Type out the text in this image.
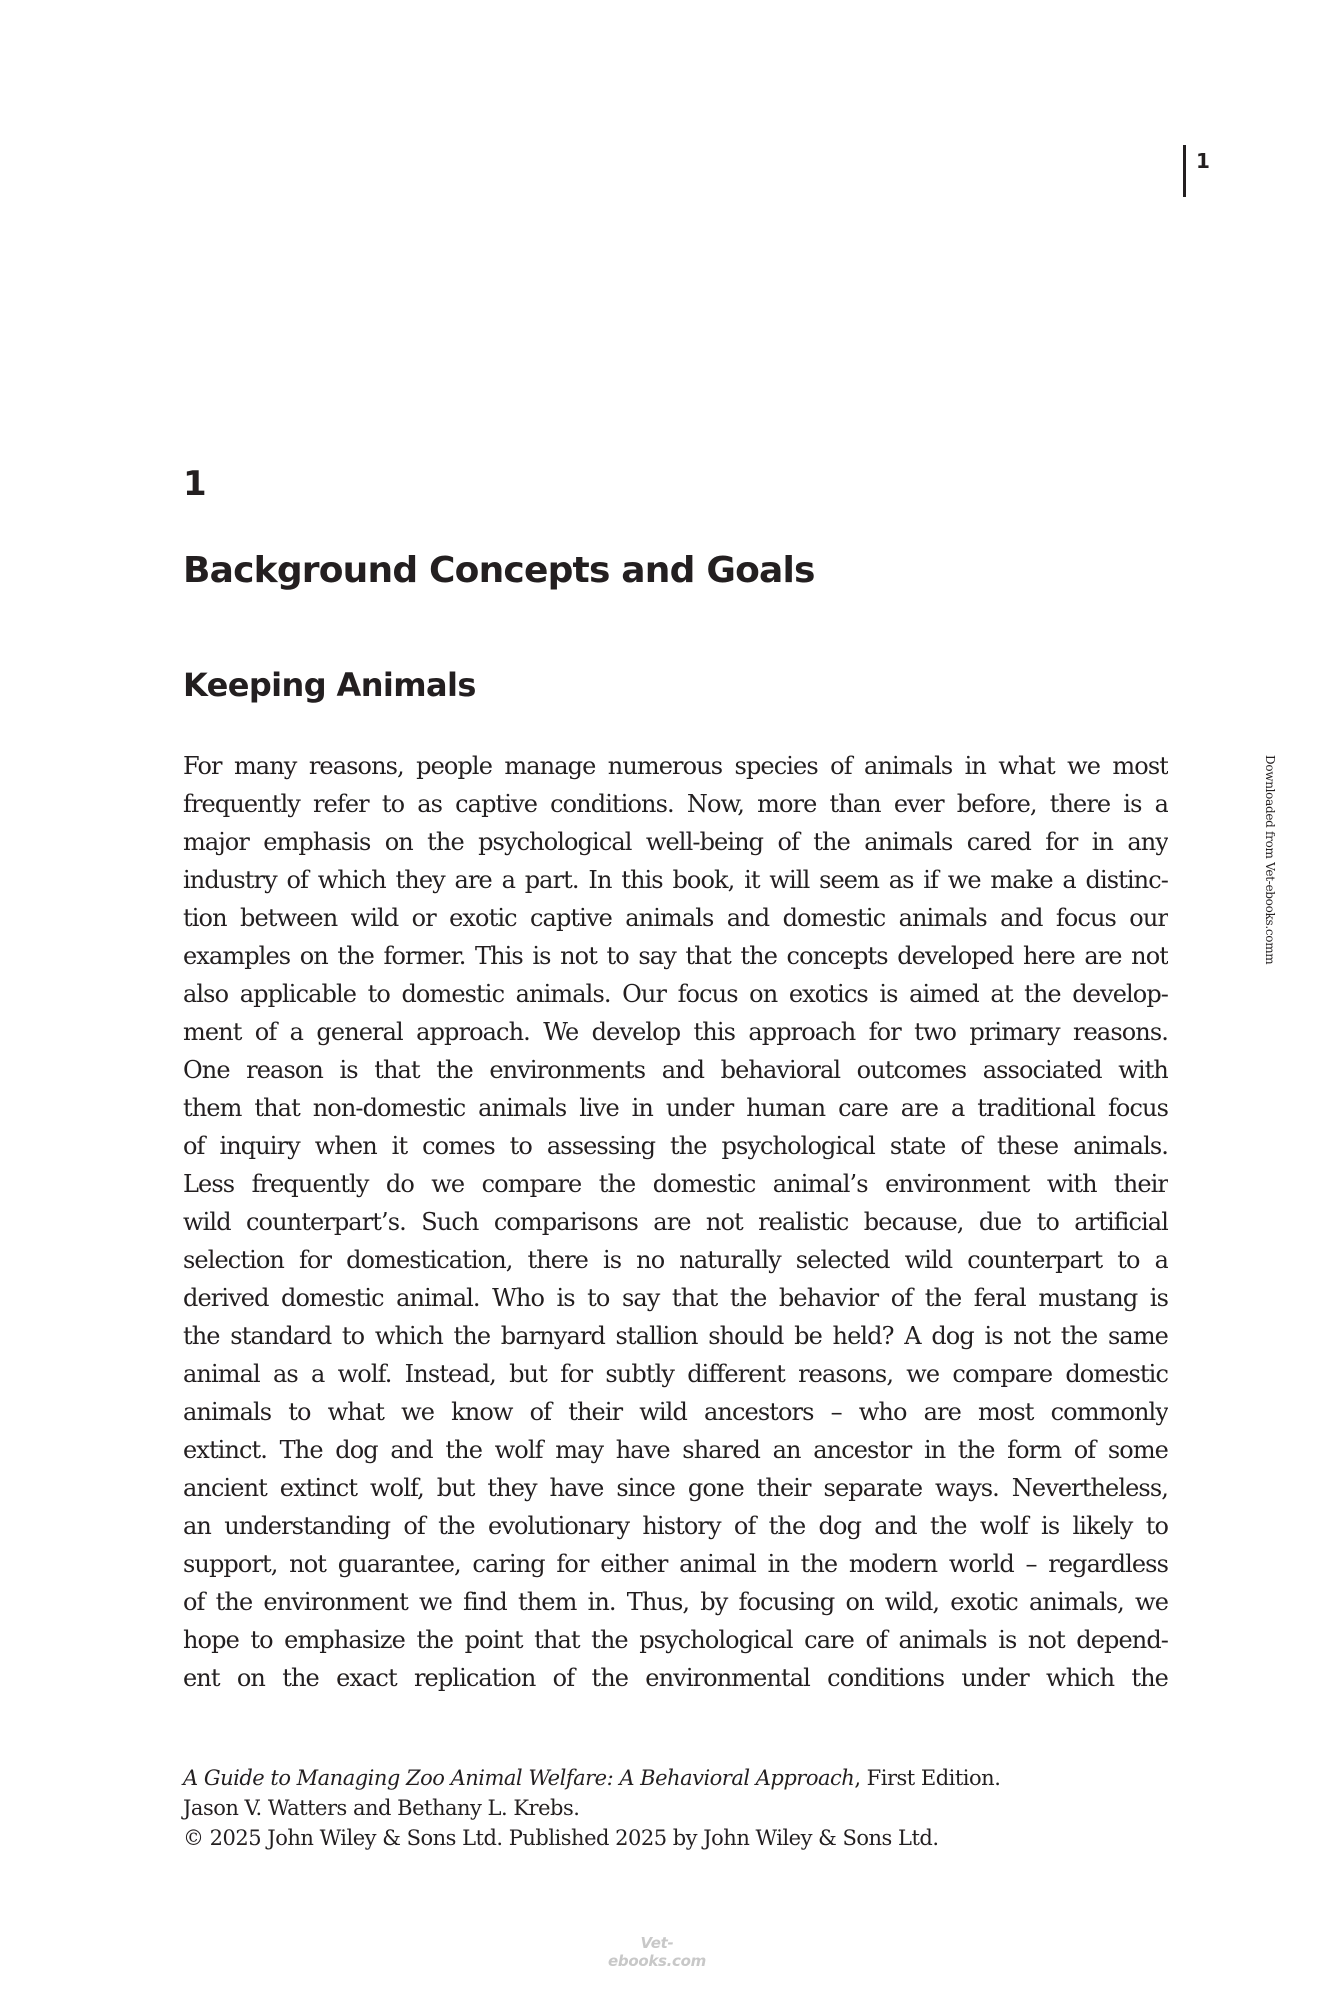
1
1
Background Concepts and Goals
Keeping Animals
For many reasons, people manage numerous species of animals in what we most
frequently refer to as captive conditions. Now, more than ever before, there is a
major emphasis on the psychological well-being of the animals cared for in any
industry of which they are a part. In this book, it will seem as if we make a distinc-
tion between wild or exotic captive animals and domestic animals and focus our
examples on the former. This is not to say that the concepts developed here are not
also applicable to domestic animals. Our focus on exotics is aimed at the develop-
ment of a general approach. We develop this approach for two primary reasons.
One reason is that the environments and behavioral outcomes associated with
them that non-domestic animals live in under human care are a traditional focus
of inquiry when it comes to assessing the psychological state of these animals.
Less frequently do we compare the domestic animal’s environment with their
wild counterpart’s. Such comparisons are not realistic because, due to artificial
selection for domestication, there is no naturally selected wild counterpart to a
derived domestic animal. Who is to say that the behavior of the feral mustang is
the standard to which the barnyard stallion should be held? A dog is not the same
animal as a wolf. Instead, but for subtly different reasons, we compare domestic
animals to what we know of their wild ancestors – who are most commonly
extinct. The dog and the wolf may have shared an ancestor in the form of some
ancient extinct wolf, but they have since gone their separate ways. Nevertheless,
an understanding of the evolutionary history of the dog and the wolf is likely to
support, not guarantee, caring for either animal in the modern world – regardless
of the environment we find them in. Thus, by focusing on wild, exotic animals, we
hope to emphasize the point that the psychological care of animals is not depend-
ent on the exact replication of the environmental conditions under which the
Downloaded from Vet-ebooks.comm
A Guide to Managing Zoo Animal Welfare: A Behavioral Approach, First Edition.
Jason V. Watters and Bethany L. Krebs.
© 2025 John Wiley & Sons Ltd. Published 2025 by John Wiley & Sons Ltd.
Vet-ebooks.com
